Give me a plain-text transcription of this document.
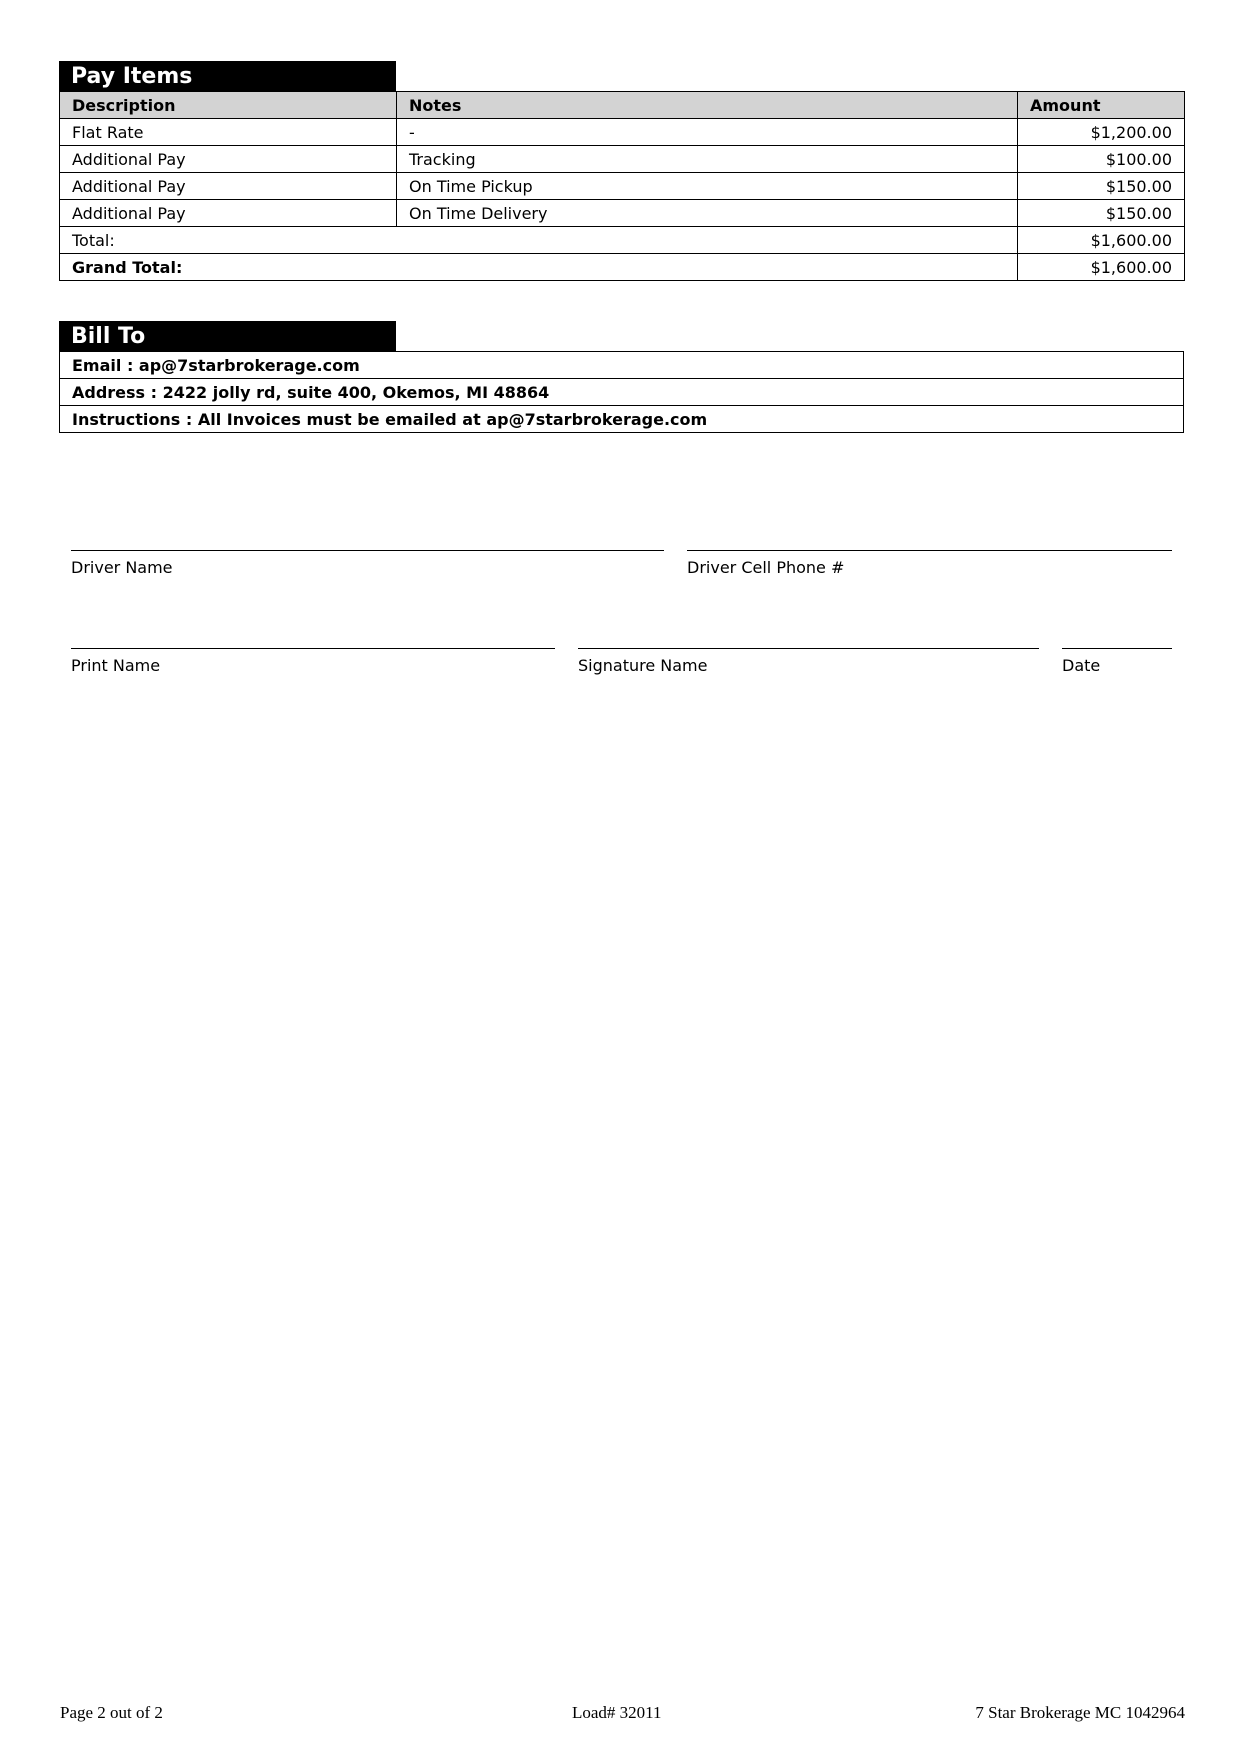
Pay Items
Description	Notes	Amount
Flat Rate	-	$1,200.00
Additional Pay	Tracking	$100.00
Additional Pay	On Time Pickup	$150.00
Additional Pay	On Time Delivery	$150.00
Total:		$1,600.00
Grand Total:		$1,600.00
Bill To
Email : ap@7starbrokerage.com
Address : 2422 jolly rd, suite 400, Okemos, MI 48864
Instructions : All Invoices must be emailed at ap@7starbrokerage.com
Driver Name	Driver Cell Phone #
Print Name	Signature Name	Date
Page 2 out of 2	Load# 32011	7 Star Brokerage MC 1042964
